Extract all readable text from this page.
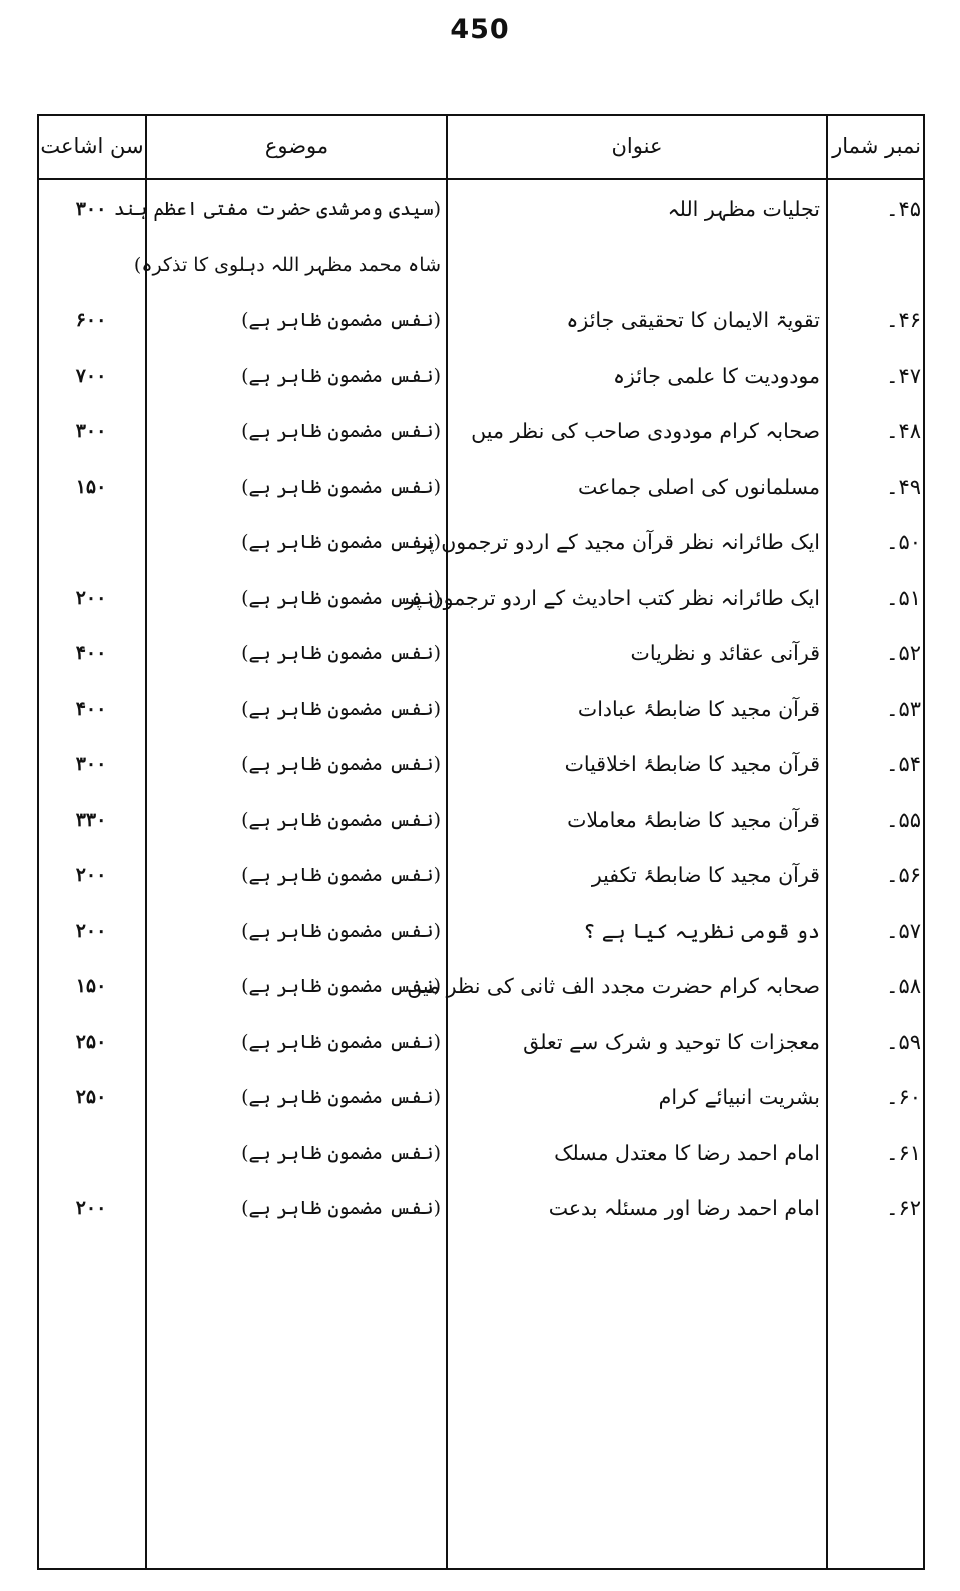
450
نمبر شمار
عنوان
موضوع
سن اشاعت
۴۵۔
تجلیات مظہر اللہ
(سیدی ومرشدی حضرت مفتی اعظم ہند
۳۰۰
شاہ محمد مظہر اللہ دہلوی کا تذکرہ)
۴۶۔
تقویۃ الایمان کا تحقیقی جائزہ
(نفس مضمون ظاہر ہے)
۶۰۰
۴۷۔
مودودیت کا علمی جائزہ
(نفس مضمون ظاہر ہے)
۷۰۰
۴۸۔
صحابہ کرام مودودی صاحب کی نظر میں
(نفس مضمون ظاہر ہے)
۳۰۰
۴۹۔
مسلمانوں کی اصلی جماعت
(نفس مضمون ظاہر ہے)
۱۵۰
۵۰۔
ایک طائرانہ نظر قرآن مجید کے اردو ترجموں پر
(نفس مضمون ظاہر ہے)
۵۱۔
ایک طائرانہ نظر کتب احادیث کے اردو ترجموں پر
(نفس مضمون ظاہر ہے)
۲۰۰
۵۲۔
قرآنی عقائد و نظریات
(نفس مضمون ظاہر ہے)
۴۰۰
۵۳۔
قرآن مجید کا ضابطۂ عبادات
(نفس مضمون ظاہر ہے)
۴۰۰
۵۴۔
قرآن مجید کا ضابطۂ اخلاقیات
(نفس مضمون ظاہر ہے)
۳۰۰
۵۵۔
قرآن مجید کا ضابطۂ معاملات
(نفس مضمون ظاہر ہے)
۳۳۰
۵۶۔
قرآن مجید کا ضابطۂ تکفیر
(نفس مضمون ظاہر ہے)
۲۰۰
۵۷۔
دو قومی نظریہ کیا ہے ؟
(نفس مضمون ظاہر ہے)
۲۰۰
۵۸۔
صحابہ کرام حضرت مجدد الف ثانی کی نظر میں
(نفس مضمون ظاہر ہے)
۱۵۰
۵۹۔
معجزات کا توحید و شرک سے تعلق
(نفس مضمون ظاہر ہے)
۲۵۰
۶۰۔
بشریت انبیائے کرام
(نفس مضمون ظاہر ہے)
۲۵۰
۶۱۔
امام احمد رضا کا معتدل مسلک
(نفس مضمون ظاہر ہے)
۶۲۔
امام احمد رضا اور مسئلہ بدعت
(نفس مضمون ظاہر ہے)
۲۰۰
